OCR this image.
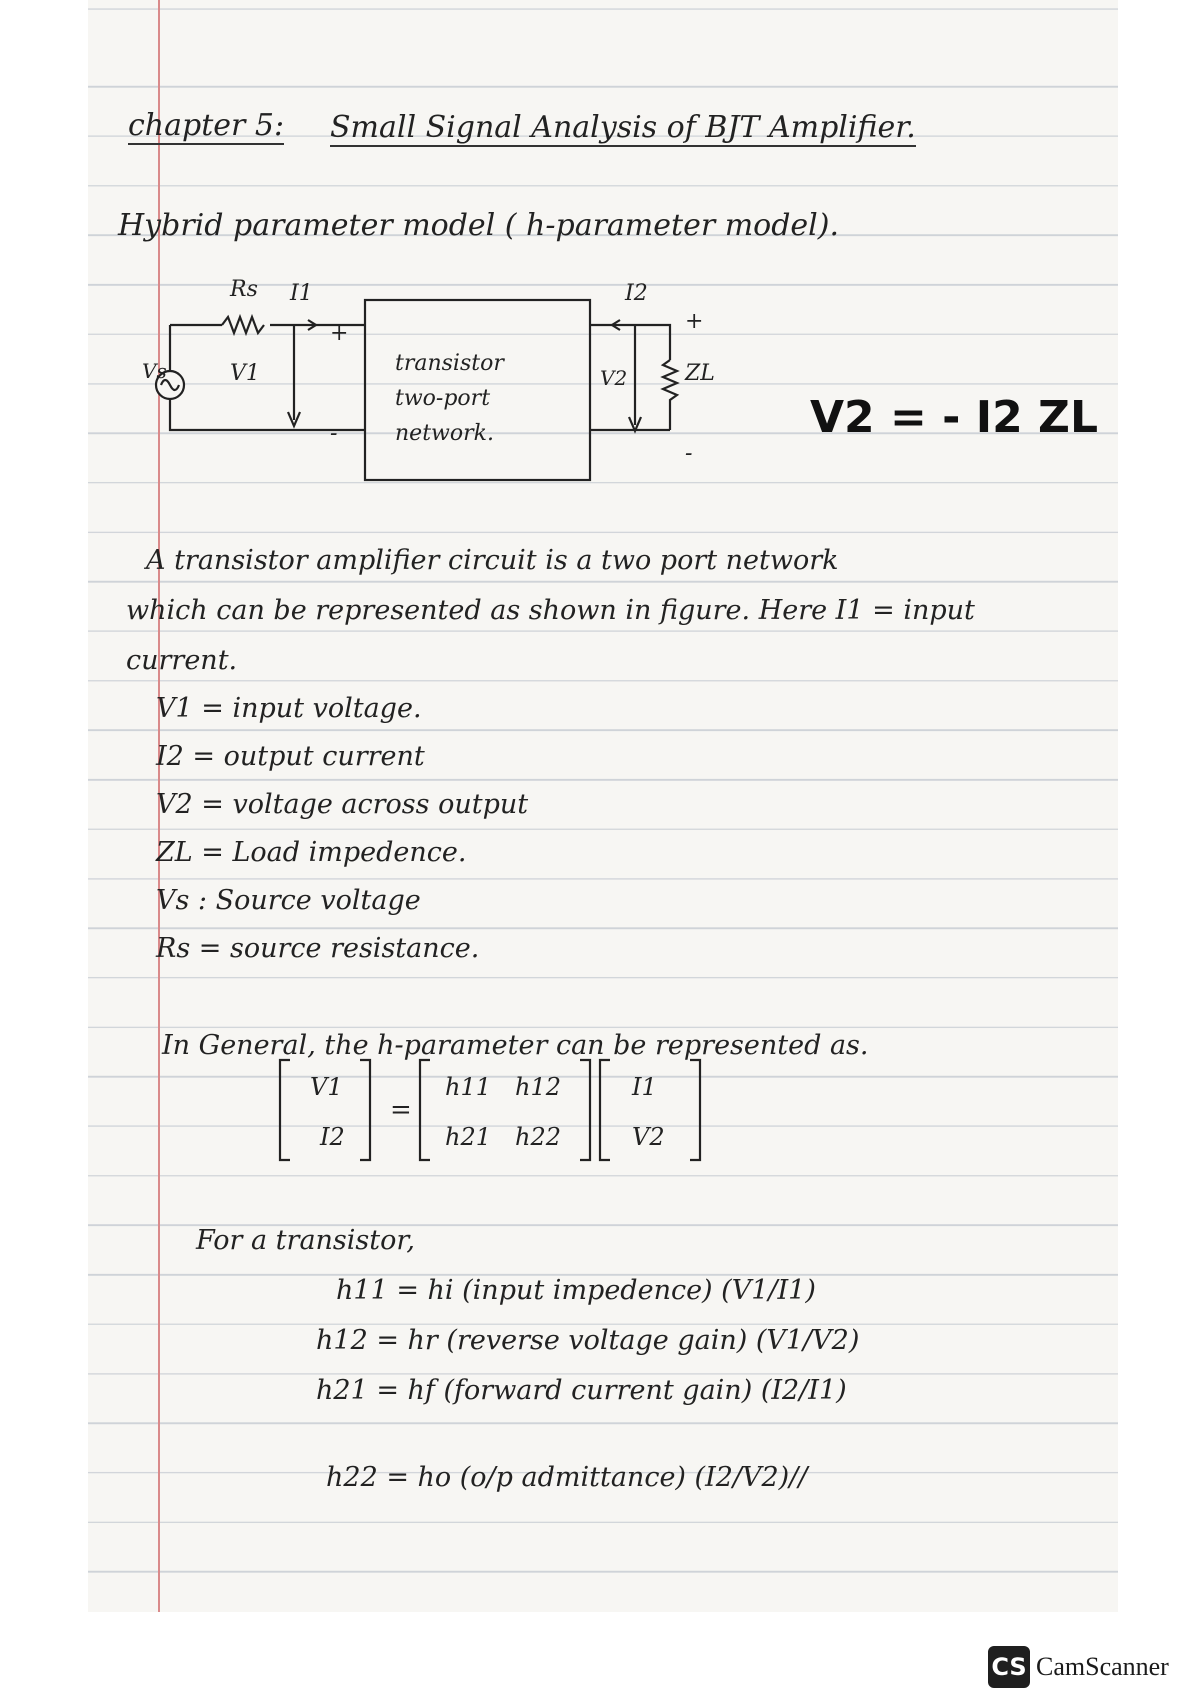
chapter 5: Small Signal Analysis of BJT Amplifier.
Hybrid parameter model ( h-parameter model).
Rs I1	I2
Vs	V1	V2	ZL
+
-
+
-
transistor
two-port
network.	V2 = - I2 ZL
A transistor amplifier circuit is a two port network
which can be represented as shown in figure. Here I1 = input
current.
V1 = input voltage.
I2 = output current
V2 = voltage across output
ZL = Load impedence.
Vs : Source voltage
Rs = source resistance.
In General, the h-parameter can be represented as.
V1
I2
=
h11 h12
h21 h22
I1
V2
For a transistor,
h11 = hi (input impedence) (V1/I1)
h12 = hr (reverse voltage gain) (V1/V2)
h21 = hf (forward current gain) (I2/I1)
h22 = ho (o/p admittance) (I2/V2)//
CS CamScanner
